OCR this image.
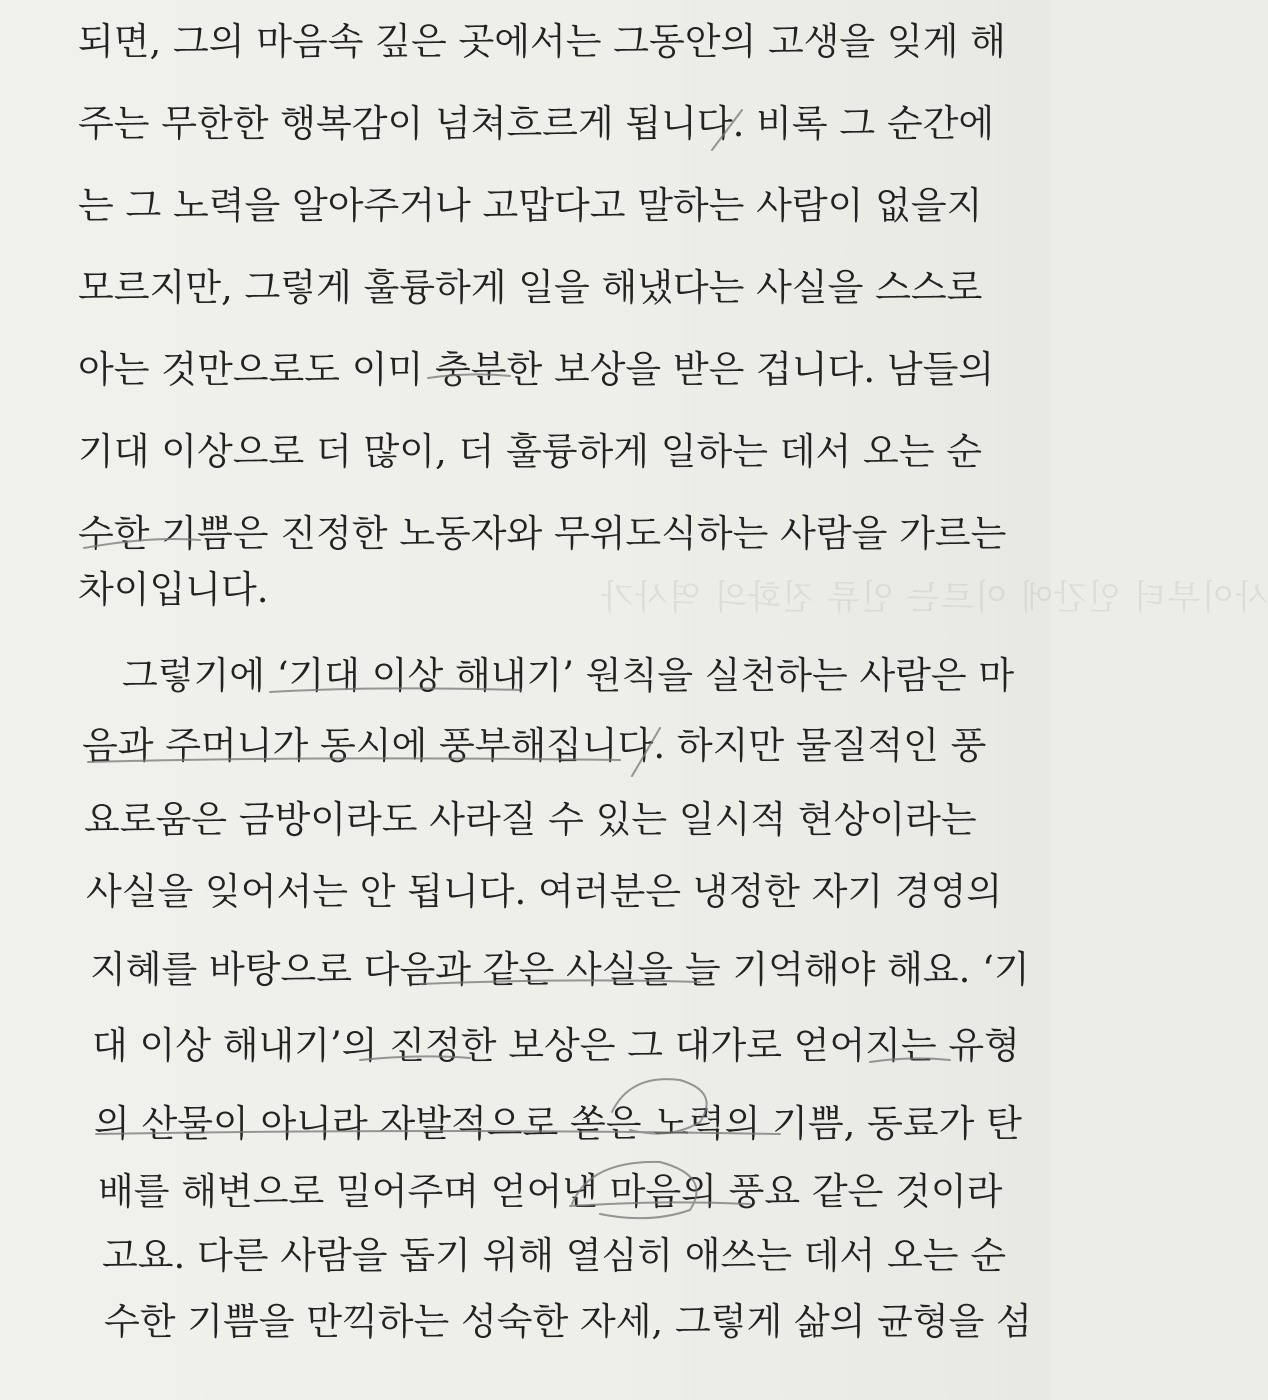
사이부터 인간에 이르는 인류 진화의 역사가
되면, 그의 마음속 깊은 곳에서는 그동안의 고생을 잊게 해
주는 무한한 행복감이 넘쳐흐르게 됩니다. 비록 그 순간에
는 그 노력을 알아주거나 고맙다고 말하는 사람이 없을지
모르지만, 그렇게 훌륭하게 일을 해냈다는 사실을 스스로
아는 것만으로도 이미 충분한 보상을 받은 겁니다. 남들의
기대 이상으로 더 많이, 더 훌륭하게 일하는 데서 오는 순
수한 기쁨은 진정한 노동자와 무위도식하는 사람을 가르는
차이입니다.
그렇기에 ‘기대 이상 해내기’ 원칙을 실천하는 사람은 마
음과 주머니가 동시에 풍부해집니다. 하지만 물질적인 풍
요로움은 금방이라도 사라질 수 있는 일시적 현상이라는
사실을 잊어서는 안 됩니다. 여러분은 냉정한 자기 경영의
지혜를 바탕으로 다음과 같은 사실을 늘 기억해야 해요. ‘기
대 이상 해내기’의 진정한 보상은 그 대가로 얻어지는 유형
의 산물이 아니라 자발적으로 쏟은 노력의 기쁨, 동료가 탄
배를 해변으로 밀어주며 얻어낸 마음의 풍요 같은 것이라
고요. 다른 사람을 돕기 위해 열심히 애쓰는 데서 오는 순
수한 기쁨을 만끽하는 성숙한 자세, 그렇게 삶의 균형을 섬
